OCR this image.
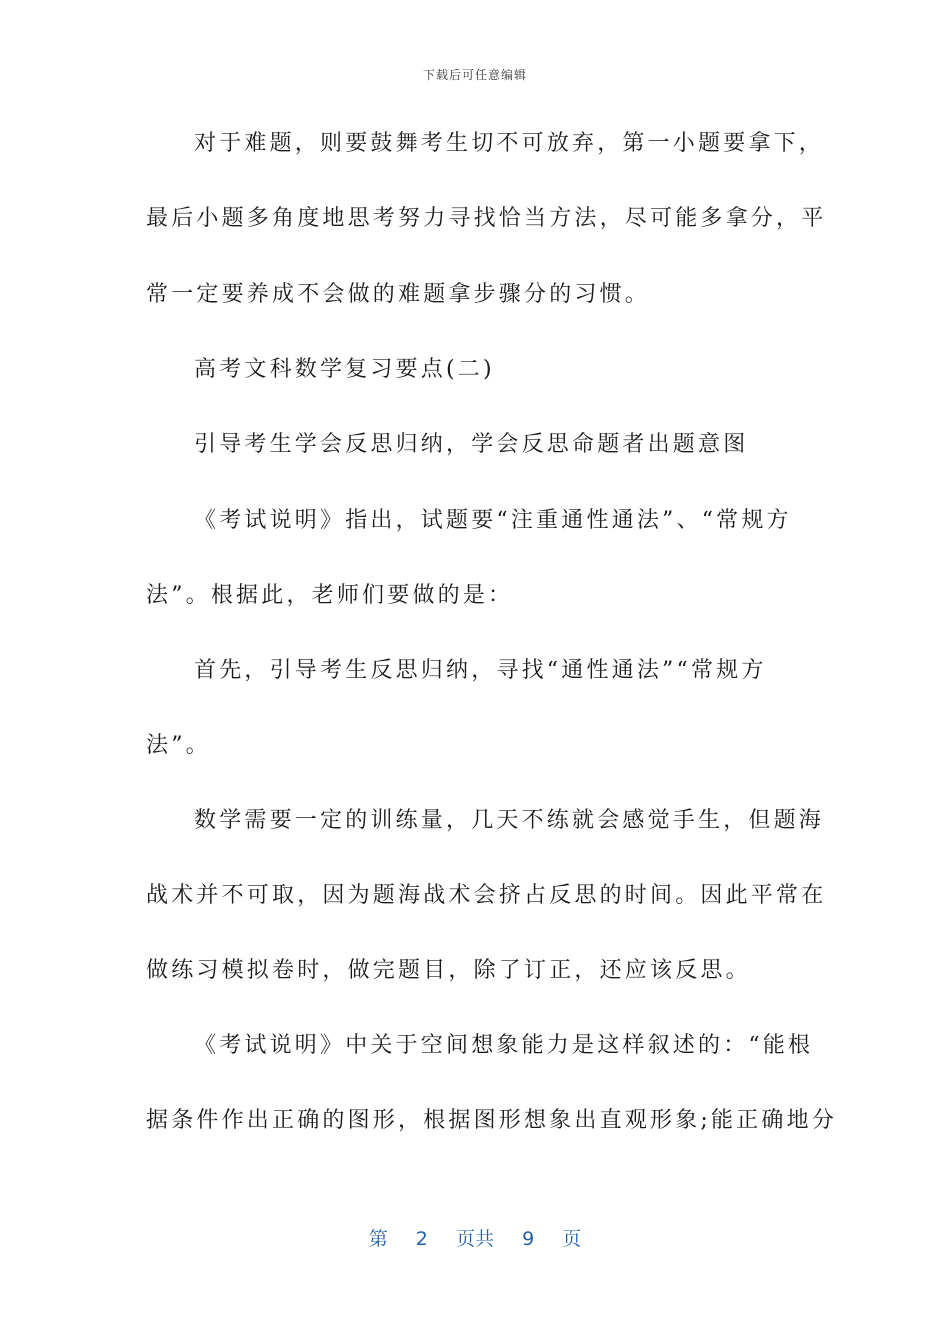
下载后可任意编辑
对于难题，则要鼓舞考生切不可放弃，第一小题要拿下，
最后小题多角度地思考努力寻找恰当方法，尽可能多拿分，平
常一定要养成不会做的难题拿步骤分的习惯。
高考文科数学复习要点(二)
引导考生学会反思归纳，学会反思命题者出题意图
《考试说明》指出，试题要“注重通性通法”、“常规方
法”。根据此，老师们要做的是：
首先，引导考生反思归纳，寻找“通性通法”“常规方
法”。
数学需要一定的训练量，几天不练就会感觉手生，但题海
战术并不可取，因为题海战术会挤占反思的时间。因此平常在
做练习模拟卷时，做完题目，除了订正，还应该反思。
《考试说明》中关于空间想象能力是这样叙述的：“能根
据条件作出正确的图形，根据图形想象出直观形象;能正确地分
第 2 页共 9 页
